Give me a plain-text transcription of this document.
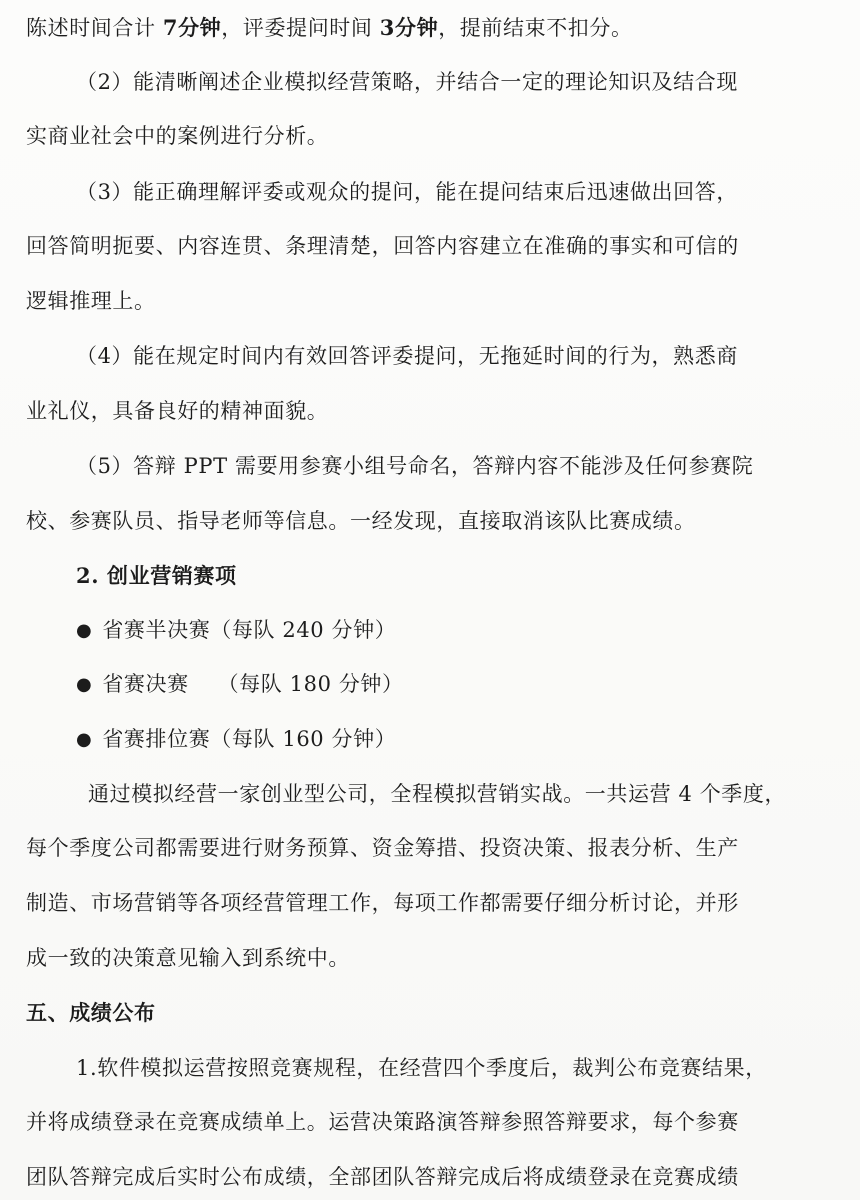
陈述时间合计 7分钟，评委提问时间 3分钟，提前结束不扣分。
（2）能清晰阐述企业模拟经营策略，并结合一定的理论知识及结合现
实商业社会中的案例进行分析。
（3）能正确理解评委或观众的提问，能在提问结束后迅速做出回答，
回答简明扼要、内容连贯、条理清楚，回答内容建立在准确的事实和可信的
逻辑推理上。
（4）能在规定时间内有效回答评委提问，无拖延时间的行为，熟悉商
业礼仪，具备良好的精神面貌。
（5）答辩 PPT 需要用参赛小组号命名，答辩内容不能涉及任何参赛院
校、参赛队员、指导老师等信息。一经发现，直接取消该队比赛成绩。
2. 创业营销赛项
● 省赛半决赛（每队 240 分钟）
● 省赛决赛　 （每队 180 分钟）
● 省赛排位赛（每队 160 分钟）
通过模拟经营一家创业型公司，全程模拟营销实战。一共运营 4 个季度，
每个季度公司都需要进行财务预算、资金筹措、投资决策、报表分析、生产
制造、市场营销等各项经营管理工作，每项工作都需要仔细分析讨论，并形
成一致的决策意见输入到系统中。
五、成绩公布
1.软件模拟运营按照竞赛规程，在经营四个季度后，裁判公布竞赛结果，
并将成绩登录在竞赛成绩单上。运营决策路演答辩参照答辩要求，每个参赛
团队答辩完成后实时公布成绩，全部团队答辩完成后将成绩登录在竞赛成绩
